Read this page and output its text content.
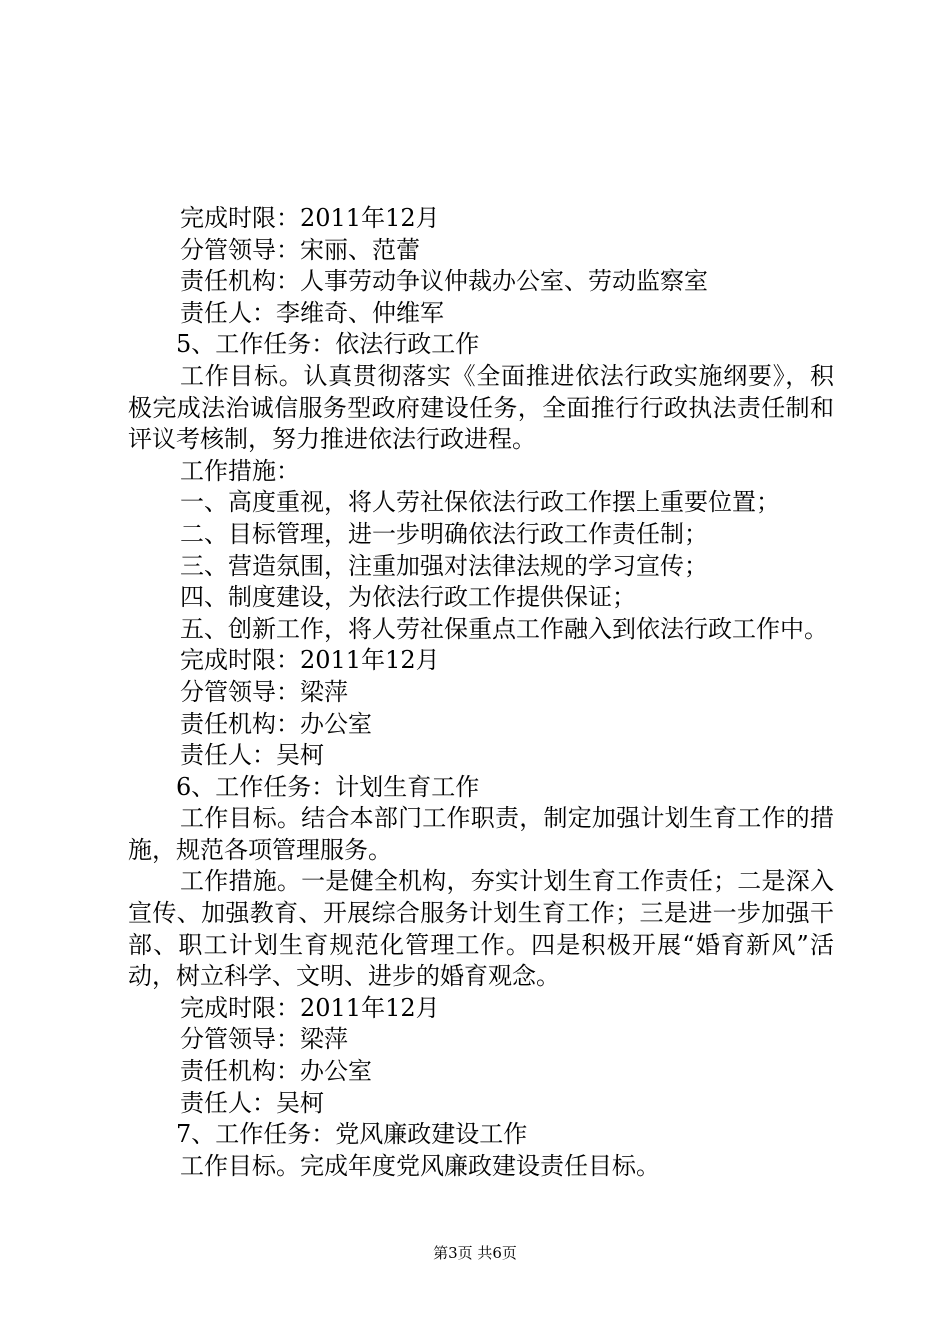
完成时限：2011年12月
分管领导：宋丽、范蕾
责任机构：人事劳动争议仲裁办公室、劳动监察室
责任人：李维奇、仲维军
5、工作任务：依法行政工作
工作目标。认真贯彻落实《全面推进依法行政实施纲要》，积极完成法治诚信服务型政府建设任务，全面推行行政执法责任制和评议考核制，努力推进依法行政进程。
工作措施：
一、高度重视，将人劳社保依法行政工作摆上重要位置；
二、目标管理，进一步明确依法行政工作责任制；
三、营造氛围，注重加强对法律法规的学习宣传；
四、制度建设，为依法行政工作提供保证；
五、创新工作，将人劳社保重点工作融入到依法行政工作中。
完成时限：2011年12月
分管领导：梁萍
责任机构：办公室
责任人：吴柯
6、工作任务：计划生育工作
工作目标。结合本部门工作职责，制定加强计划生育工作的措施，规范各项管理服务。
工作措施。一是健全机构，夯实计划生育工作责任；二是深入宣传、加强教育、开展综合服务计划生育工作；三是进一步加强干部、职工计划生育规范化管理工作。四是积极开展“婚育新风”活动，树立科学、文明、进步的婚育观念。
完成时限：2011年12月
分管领导：梁萍
责任机构：办公室
责任人：吴柯
7、工作任务：党风廉政建设工作
工作目标。完成年度党风廉政建设责任目标。
第3页 共6页
